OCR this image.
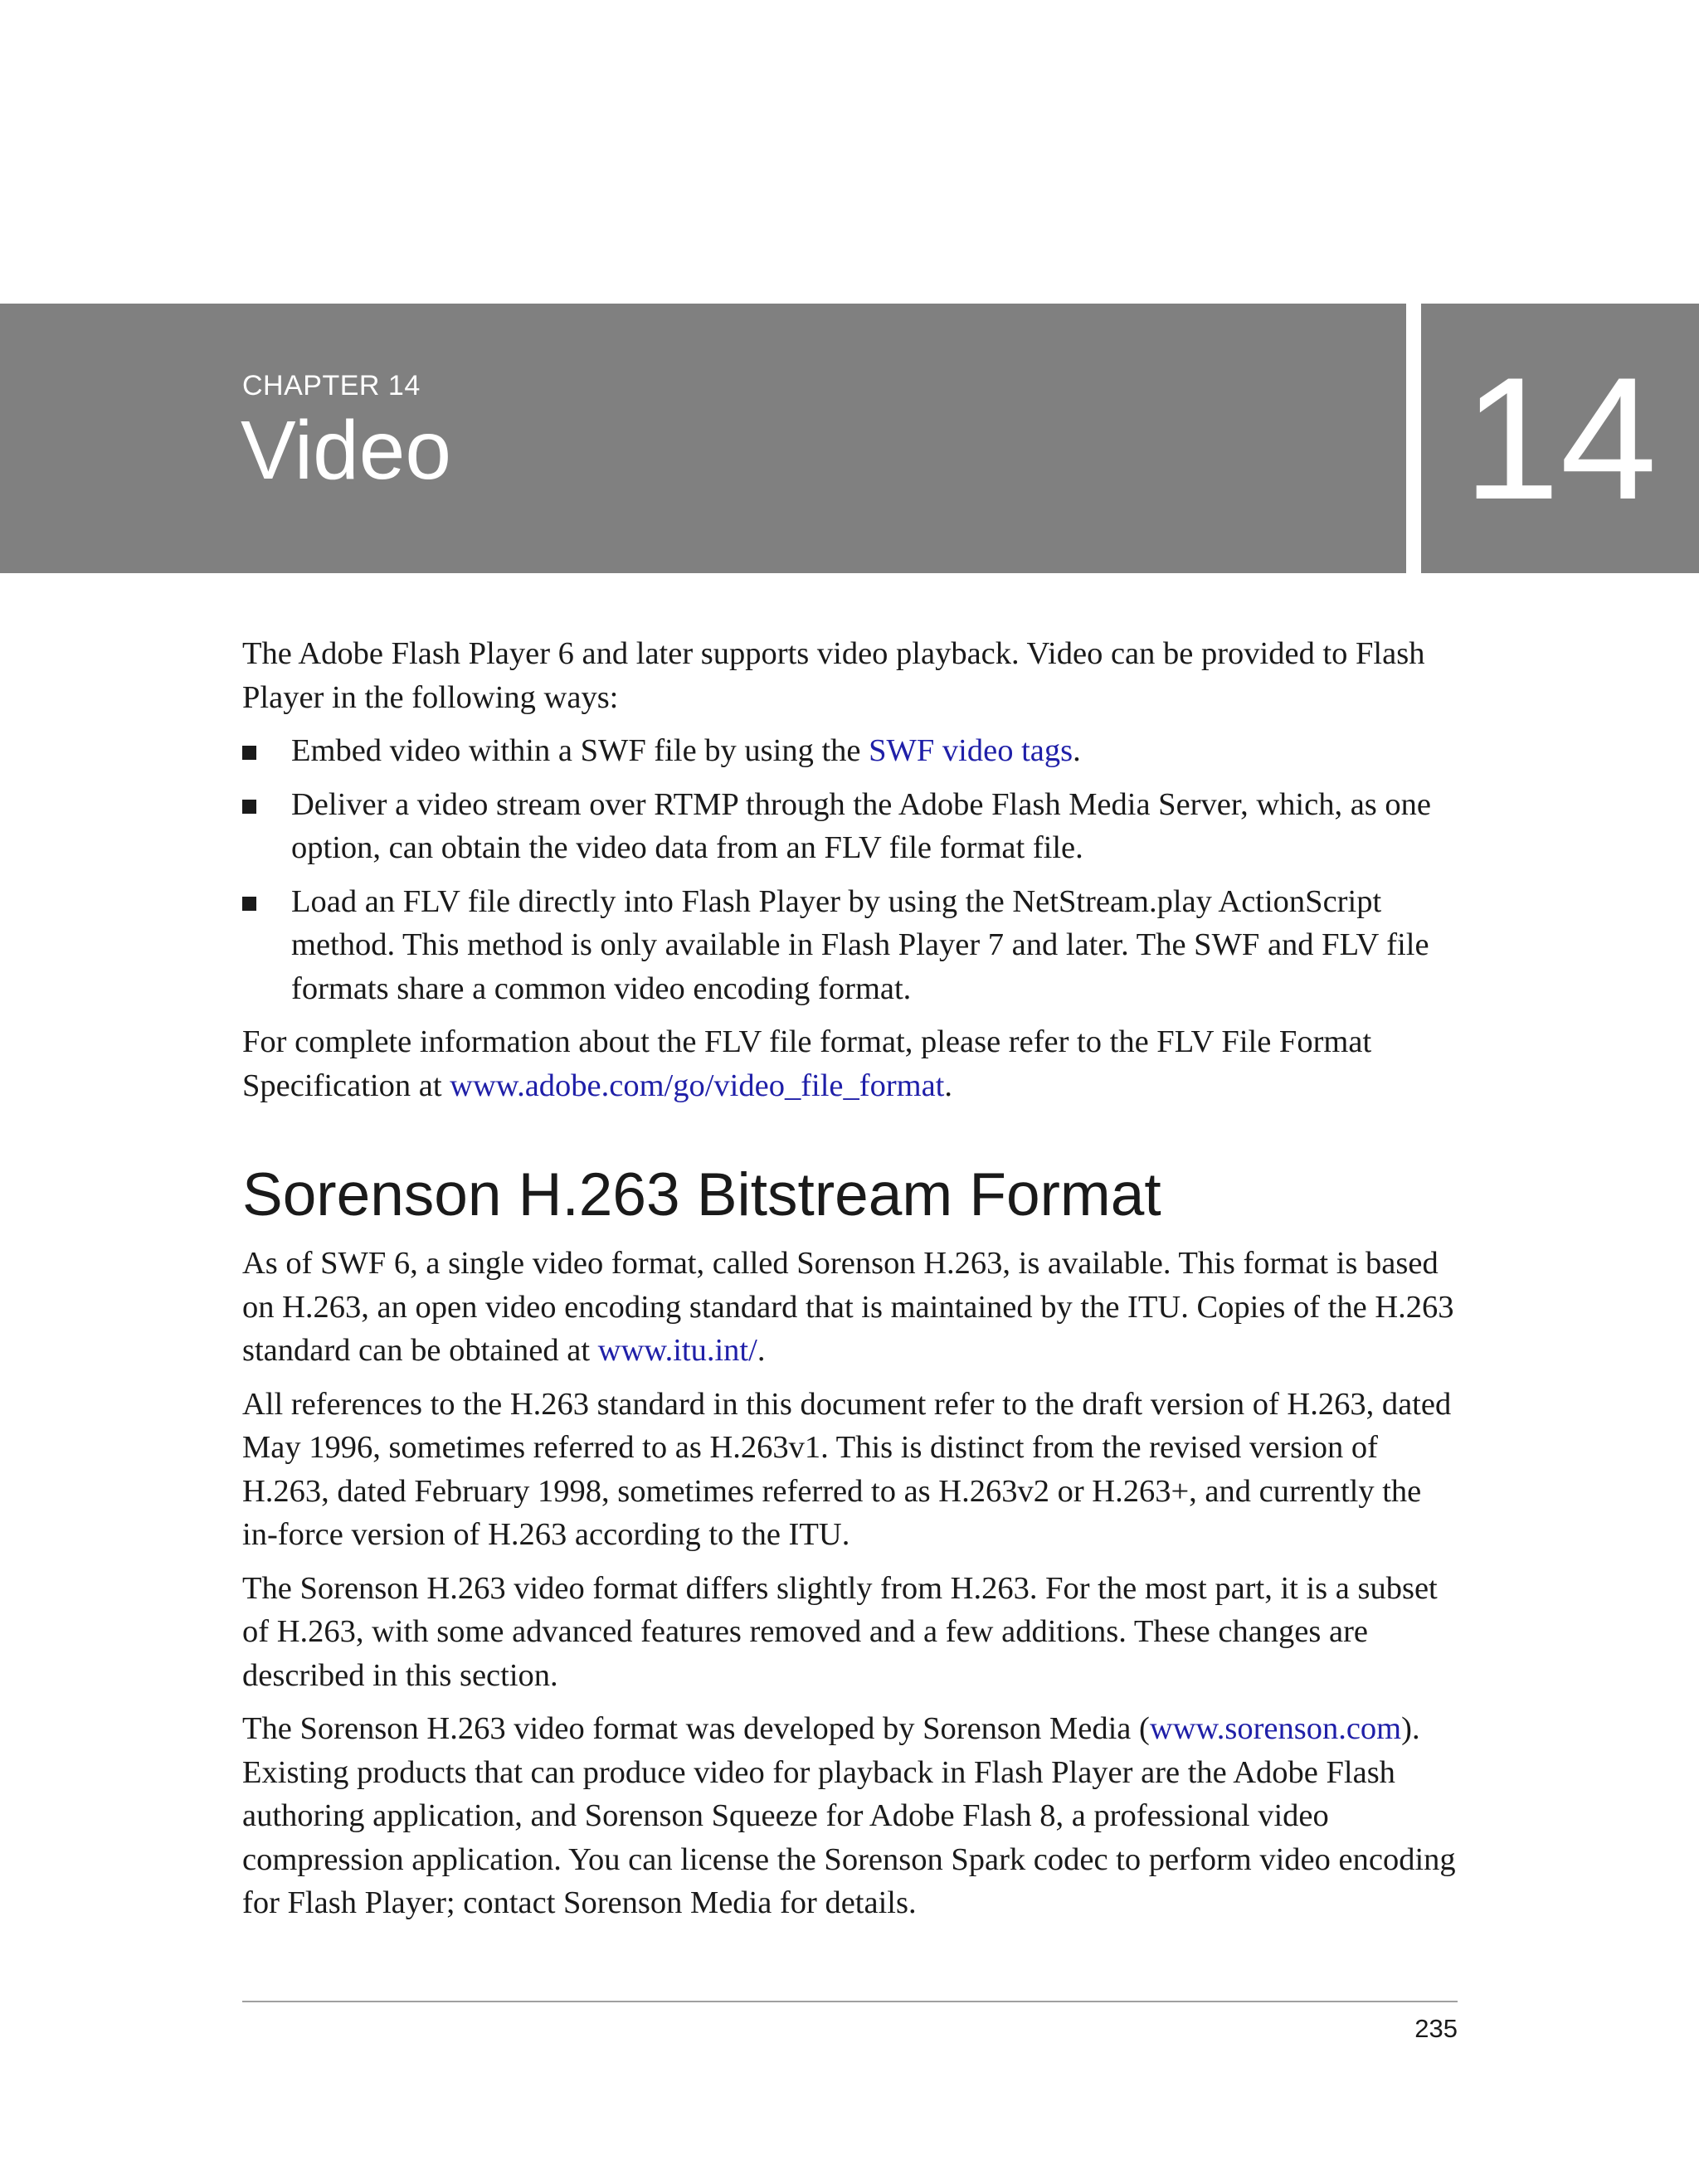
CHAPTER 14
Video	14

The Adobe Flash Player 6 and later supports video playback. Video can be provided to Flash Player in the following ways:

Embed video within a SWF file by using the SWF video tags.
Deliver a video stream over RTMP through the Adobe Flash Media Server, which, as one option, can obtain the video data from an FLV file format file.
Load an FLV file directly into Flash Player by using the NetStream.play ActionScript method. This method is only available in Flash Player 7 and later. The SWF and FLV file formats share a common video encoding format.

For complete information about the FLV file format, please refer to the FLV File Format Specification at www.adobe.com/go/video_file_format.

Sorenson H.263 Bitstream Format

As of SWF 6, a single video format, called Sorenson H.263, is available. This format is based on H.263, an open video encoding standard that is maintained by the ITU. Copies of the H.263 standard can be obtained at www.itu.int/.

All references to the H.263 standard in this document refer to the draft version of H.263, dated May 1996, sometimes referred to as H.263v1. This is distinct from the revised version of H.263, dated February 1998, sometimes referred to as H.263v2 or H.263+, and currently the in-force version of H.263 according to the ITU.

The Sorenson H.263 video format differs slightly from H.263. For the most part, it is a subset of H.263, with some advanced features removed and a few additions. These changes are described in this section.

The Sorenson H.263 video format was developed by Sorenson Media (www.sorenson.com). Existing products that can produce video for playback in Flash Player are the Adobe Flash authoring application, and Sorenson Squeeze for Adobe Flash 8, a professional video compression application. You can license the Sorenson Spark codec to perform video encoding for Flash Player; contact Sorenson Media for details.

235
